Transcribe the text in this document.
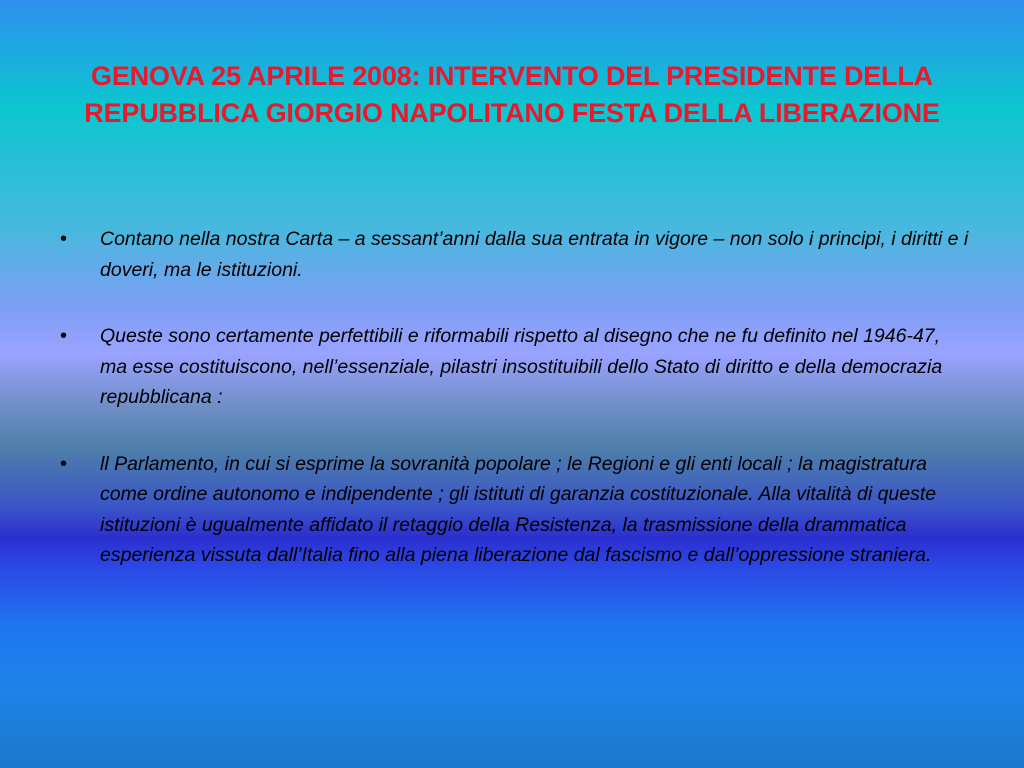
GENOVA 25 APRILE 2008: INTERVENTO DEL PRESIDENTE DELLA REPUBBLICA GIORGIO NAPOLITANO FESTA DELLA LIBERAZIONE
•	Contano nella nostra Carta – a sessant’anni dalla sua entrata in vigore – non solo i principi, i diritti e i doveri, ma le istituzioni.
•	Queste sono certamente perfettibili e riformabili rispetto al disegno che ne fu definito nel 1946-47, ma esse costituiscono, nell’essenziale, pilastri insostituibili dello Stato di diritto e della democrazia repubblicana :
•	ll Parlamento, in cui si esprime la sovranità popolare ; le Regioni e gli enti locali ; la magistratura come ordine autonomo e indipendente ; gli istituti di garanzia costituzionale. Alla vitalità di queste istituzioni è ugualmente affidato il retaggio della Resistenza, la trasmissione della drammatica esperienza vissuta dall’Italia fino alla piena liberazione dal fascismo e dall’oppressione straniera.
